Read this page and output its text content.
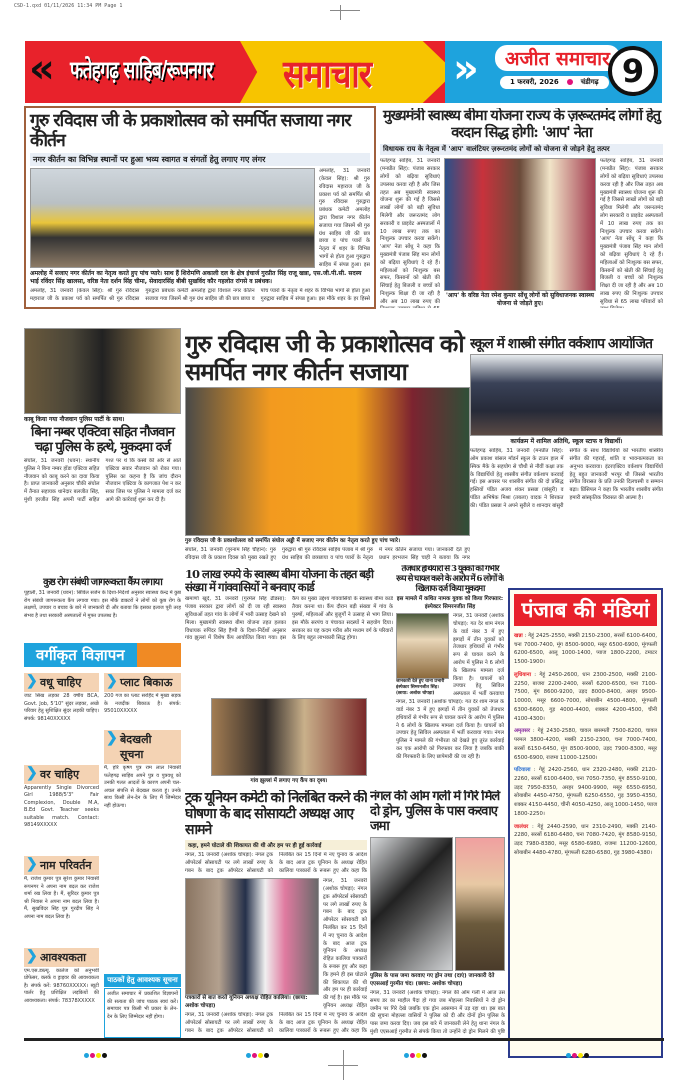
CSD-1.qxd 01/11/2026 11:34 PM Page 1
«	»
फतेहगढ़ साहिब/रूपनगर समाचार	अजीत समाचार
1 फरवरी, 2026	चंडीगढ़ 9
गुरु रविदास जी के प्रकाशोत्सव को समर्पित सजाया नगर कीर्तन
नगर कीर्तन का विभिन्न स्थानों पर हुआ भव्य स्वागत व संगतों हेतु लगाए गए लंगर
अमलोह, 31 जनवरी (केवल सिंह): श्री गुरु रविदास महाराज जी के प्रकाश पर्व को समर्पित श्री गुरु रविदास गुरुद्वारा प्रबंधक कमेटी अमलोह द्वारा विशाल नगर कीर्तन सजाया गया जिसमें श्री गुरु ग्रंथ साहिब जी की छत्र छाया व पांच प्यारों के नेतृत्व में शहर के विभिन्न भागों से होता हुआ गुरुद्वारा साहिब में संपन्न हुआ। इस
अमलोह में सजाए नगर कीर्तन का नेतृत्व करते हुए पांच प्यारे। साथ हैं शिरोमणि अकाली दल के क्षेत्र इंचार्ज गुरप्रीत सिंह राजू खन्ना, एस.जी.पी.सी. सदस्य भाई रविंदर सिंह खालसा, वरिष्ठ नेता दर्शन सिंह चीमा, सेवादारसिंह बीबी सुखविंद कौर गहलोत रांगसे व प्रबंधक।
अमलोह, 31 जनवरी (केवल सिंह): श्री गुरु रविदास महाराज जी के प्रकाश पर्व को समर्पित श्री गुरु रविदास गुरुद्वारा प्रबंधक कमेटी अमलोह द्वारा विशाल नगर कीर्तन सजाया गया जिसमें श्री गुरु ग्रंथ साहिब जी की छत्र छाया व पांच प्यारों के नेतृत्व में शहर के विभिन्न भागों से होता हुआ गुरुद्वारा साहिब में संपन्न हुआ। इस मौके शहर के हर हिस्से
मुख्यमंत्री स्वास्थ्य बीमा योजना राज्य के ज़रूरतमंद लोगों हेतु वरदान सिद्ध होगी: 'आप' नेता
विधायक राय के नेतृत्व में 'आप' वालंटियर ज़रूरतमंद लोगों को योजना से जोड़ने हेतु तत्पर
फतेहगढ़ साहिब, 31 जनवरी (मनप्रीत सिंह): पंजाब सरकार लोगों को बढ़िया सुविधाएं उपलब्ध करवा रही है और जिस तहत अब मुख्यमंत्री स्वास्थ्य योजना शुरू की गई है जिससे लाखों लोगों को बड़ी सुविधा मिलेगी और जरूरतमंद लोग सरकारी व प्राइवेट अस्पतालों में 10 लाख रुपए तक का निःशुल्क उपचार करवा सकेंगे। 'आप' नेता सोंधू ने कहा कि मुख्यमंत्री पंजाब सिंह मान लोगों को बढ़िया सुविधाएं दे रहे हैं। महिलाओं को निःशुल्क बस सफर, किसानों को खेती की सिंचाई हेतु बिजली व बच्चों को निःशुल्क शिक्षा दी जा रही है और अब 10 लाख रुपए की
'आप' के वरिष्ठ नेता रमेश कुमार सोंधू लोगों को सुविधाजनक स्वास्थ्य योजना से जोड़ते हुए।
फतेहगढ़ साहिब, 31 जनवरी (मनप्रीत सिंह): पंजाब सरकार लोगों को बढ़िया सुविधाएं उपलब्ध करवा रही है और जिस तहत अब मुख्यमंत्री स्वास्थ्य योजना शुरू की गई है जिससे लाखों लोगों को बड़ी सुविधा मिलेगी और जरूरतमंद लोग सरकारी व प्राइवेट अस्पतालों में 10 लाख रुपए तक का निःशुल्क उपचार करवा सकेंगे। 'आप' नेता सोंधू ने कहा कि मुख्यमंत्री पंजाब सिंह मान लोगों को बढ़िया सुविधाएं दे रहे हैं। महिलाओं को निःशुल्क बस सफर, किसानों को खेती की सिंचाई हेतु बिजली व बच्चों को निःशुल्क शिक्षा दी जा रही है और अब 10 लाख रुपए की निःशुल्क उपचार सुविधा से 65 लाख परिवारों को
काबू किया गया नौजवान पुलिस पार्टी के साथ।
बिना नम्बर एक्टिवा सहित नौजवान चढ़ा पुलिस के हत्थे, मुकदमा दर्ज
संघोल, 31 जनवरी (धवन): स्थानीय पुलिस ने बिना नम्बर होंडा एक्टिवा सहित नौजवान को काबू करने का दावा किया है। प्राप्त जानकारी अनुसार चौकी संघोल में तैनात सहायक थानेदार बलजीत सिंह, मुंशी हरजीत सिंह अपनी पार्टी सहित गश्त पर थे कि कस्बे की ओर से आते एक्टिवा सवार नौजवान को रोका गया। पुलिस का कहना है कि जांच दौरान नौजवान एक्टिवा के कागजात पेश न कर सका जिस पर पुलिस ने मामला दर्ज कर आगे की कार्रवाई शुरू कर दी है।
कुष्ठ रोग संबंधी जागरूकता कैंप लगाया
पूहाली, 31 जनवरी (धवन): सिविल सर्जन के दिशा-निर्देशों अनुसार स्वास्थ्य केन्द्र में कुष्ठ रोग संबंधी जागरूकता कैंप लगाया गया। इस मौके डाक्टरों ने लोगों को कुष्ठ रोग के लक्षणों, उपचार व बचाव के बारे में जानकारी दी और बताया कि इसका इलाज पूरी तरह संभव है तथा सरकारी अस्पतालों में मुफ्त उपलब्ध है।
गुरु रविदास जी के प्रकाशोत्सव को समर्पित नगर कीर्तन सजाया
गुरु रविदास जी के प्रकाशोत्सव को समर्पित संघोल अड्डी में सजाए नगर कीर्तन का नेतृत्व करते हुए पांच प्यारे।
संघोल, 31 जनवरी (गुरनाम सिंह चौहान): गुरु रविदास जी के प्रकाश दिवस को मुख्य रखते हुए गुरुद्वारा श्री गुरु रविदास साहिब पंजाब में श्री गुरु ग्रंथ साहिब की छत्रछाया व पांच प्यारों के नेतृत्व में नगर कीर्तन सजाया गया। जानकारी देते हुए प्रधान हरभजन सिंह चाही ने बताया कि नगर
स्कूल में शास्त्री संगीत वर्कशाप आयोजित
कार्यक्रम में शामिल अतिथि, स्कूल स्टाफ व विद्यार्थी।
फतेहगढ़ साहिब, 31 जनवरी (मनप्रीत सिंह): ओम प्रकाश बांसल मॉडर्न स्कूल के टाउन हाल में स्पिक मैके के सहयोग से चौथी से नौवीं कक्षा तक के विद्यार्थियों हेतु शास्त्रीय संगीत वर्कशाप करवाई गई। इस अवसर पर शास्त्रीय संगीत की दो प्रसिद्ध हस्तियों पंडित अजय शंकर प्रसन्ना (बांसुरी) व पंडित अभिषेक मिश्रा (तबला) वादक ने शिरकत की। पंडित प्रसन्ना ने अपने सुरीले व शानदार बांसुरी संगीत के साथ विद्यार्थियों को भारतीय शास्त्रीय संगीत की गहराई, शांति व भावनात्मकता का अनुभव करवाया। इंटरएक्टिव वर्कशाप विद्यार्थियों हेतु बहुत जानकारी भरपूर थी जिससे भारतीय संगीत विरासत के प्रति उनकी दिलचस्पी व सम्मान बढ़ा। प्रिंसिपल ने कहा कि भारतीय शास्त्रीय संगीत हमारी सांस्कृतिक विरासत की आत्मा है।
10 लाख रुपये के स्वास्थ्य बीमा योजना के तहत बड़ी संख्या में गांववासियों ने बनवाए कार्ड
खमाणों खुर्द, 31 जनवरी (गुरमेल सिंह ढीडसा): पंजाब सरकार द्वारा लोगों को दी जा रही स्वास्थ्य सुविधाओं तहत गांव के लोगों में भारी उत्साह देखने को मिला। मुख्यमंत्री स्वास्थ्य बीमा योजना तहत हलका विधायक रुपिंदर सिंह हैप्पी के दिशा-निर्देशों अनुसार गांव झुल्लां में विशेष कैंप आयोजित किया गया। इस कैंप का मुख्य उद्देश्य गांववासियों के स्वास्थ्य बीमा कार्ड तैयार करना था। कैंप दौरान बड़ी संख्या में गांव के पुरुषों, महिलाओं और बुजुर्गों ने उत्साह से भाग लिया। इस मौके सरपंच व पंचायत सदस्यों ने सहयोग दिया। सरकार का यह कदम गरीब और मध्यम वर्ग के परिवारों के लिए बहुत लाभकारी सिद्ध होगा।
गांव झुल्लां में लगाए गए कैंप का दृश्य।
तेजधार हथियारों से 3 युवकों को गंभीर रूप से घायल करने के आरोप में 6 लोगों के खिलाफ दर्ज किया मुकदमा
इस मामले में कथित नामक युवक को किया गिरफ्तार: इंस्पेक्टर सिमरनजीत सिंह
जानकारी देते हुए थाना प्रभारी इंस्पेक्टर सिमरनजीत सिंह। (छाया: अशोक चोपड़ा)
नंगल, 31 जनवरी (अशोक चोपड़ा): गत देर शाम नंगल के वार्ड नंबर 3 में हुए झगड़ों में तीन युवकों को तेजधार हथियारों से गंभीर रूप से घायल करने के आरोप में पुलिस ने 6 लोगों के खिलाफ मामला दर्ज किया है। घायलों को उपचार हेतु सिविल अस्पताल में भर्ती करवाया
नंगल, 31 जनवरी (अशोक चोपड़ा): गत देर शाम नंगल के वार्ड नंबर 3 में हुए झगड़ों में तीन युवकों को तेजधार हथियारों से गंभीर रूप से घायल करने के आरोप में पुलिस ने 6 लोगों के खिलाफ मामला दर्ज किया है। घायलों को उपचार हेतु सिविल अस्पताल में भर्ती करवाया गया। नंगल पुलिस ने मामले की गंभीरता को देखते हुए तुरंत कार्रवाई कर एक आरोपी को गिरफ्तार कर लिया है जबकि बाकी की गिरफ्तारी के लिए छापेमारी की जा रही है।
वर्गीकृत विज्ञापन
❯ वधू चाहिए
जाट सिख लड़का 28 वर्षीय BCA, Govt. Job, 5'10" सुंदर लड़का, अच्छे परिवार हेतु सुशिक्षित सुंदर लड़की चाहिए। संपर्क: 98140XXXXX
❯ वर चाहिए
Apparently Single Divorced Girl 1988/5'3" Fair Complexion, Double M.A, B.Ed Govt. Teacher seeks suitable match. Contact: 98149XXXXX
❯ नाम परिवर्तन
मैं, राजेश कुमार पुत्र सुरेश कुमार निवासी रूपनगर ने अपना नाम बदल कर राजेश शर्मा रख लिया है। मैं, सुरिंदर कुमार पुत्र श्री निवास ने अपना नाम बदल लिया है। मैं, सुखविंदर सिंह पुत्र गुरदीप सिंह ने अपना नाम बदल लिया है।
❯ आवश्यकता
एम.एस.डब्ल्यू. कालेज को अनुभवी प्रोफेसर, क्लर्क व ड्राइवर की आवश्यकता है। संपर्क करें: 98760XXXXX। ब्यूटी पार्लर हेतु प्रशिक्षित लड़कियों की आवश्यकता। संपर्क: 78378XXXXX
❯ प्लाट बिकाऊ
200 गज का प्लाट सरहिंद में मुख्य सड़क के नजदीक बिकाऊ है। संपर्क: 95010XXXXX
❯ बेदखली सूचना
मैं, हरि कृष्ण पुत्र राम लाल निवासी फतेहगढ़ साहिब अपने पुत्र व पुत्रवधू को उनकी गलत आदतों के कारण अपनी चल-अचल संपत्ति से बेदखल करता हूं। उनके साथ किसी लेन-देन के लिए मैं जिम्मेदार नहीं होऊंगा।
पाठकों हेतु आवश्यक सूचना
अजीत समाचार में प्रकाशित विज्ञापनों की सत्यता की जांच पाठक स्वयं करें। समाचार पत्र किसी भी प्रकार के लेन-देन के लिए जिम्मेदार नहीं होगा।
पंजाब की मंडियां

खन्ना : गेहूं 2425-2550, मक्की 2150-2300, सरसों 6100-6400, चना 7000-7400, मूंग 8500-9000, मसूर 6500-6900, मूंगफली 6200-6500, आलू 1000-1400, प्याज 1800-2200, टमाटर 1500-1900।

लुधियाना : गेहूं 2450-2600, धान 2300-2500, मक्की 2100-2250, बाजरा 2200-2400, सरसों 6200-6500, चना 7100-7500, मूंग 8600-9200, उड़द 8000-8400, अरहर 9500-10000, मसूर 6600-7000, सोयाबीन 4500-4800, मूंगफली 6300-6600, गुड़ 4000-4400, शक्कर 4200-4500, चीनी 4100-4300।

अमृतसर : गेहूं 2430-2580, चावल बासमती 7500-8200, चावल परमल 3800-4200, मक्की 2150-2300, चना 7000-7400, सरसों 6150-6450, मूंग 8500-9000, उड़द 7900-8300, मसूर 6500-6900, राजमा 11000-12500।

पटियाला : गेहूं 2420-2560, धान 2320-2480, मक्की 2120-2260, सरसों 6100-6400, चना 7050-7350, मूंग 8550-9100, उड़द 7950-8350, अरहर 9400-9900, मसूर 6550-6950, सोयाबीन 4450-4750, मूंगफली 6250-6550, गुड़ 3950-4350, शक्कर 4150-4450, चीनी 4050-4250, आलू 1000-1450, प्याज 1800-2250।

जालंधर : गेहूं 2440-2590, धान 2310-2490, मक्की 2140-2280, सरसों 6180-6480, चना 7080-7420, मूंग 8580-9150, उड़द 7980-8380, मसूर 6580-6980, राजमा 11200-12600, सोयाबीन 4480-4780, मूंगफली 6280-6580, गुड़ 3980-4380।

ट्रक यूनियन कमेटी को निलंबित करने की घोषणा के बाद सोसायटी अध्यक्ष आए सामने
कहा, हमने घोटाले की शिकायत की थी और हम पर ही हुई कार्रवाई
नंगल, 31 जनवरी (अशोक चोपड़ा): नंगल ट्रक ऑपरेटर्स सोसायटी पर लगे लाखों रुपए के गबन के बाद ट्रक ऑपरेटर सोसायटी को निलंबित कर 15 दिनों में नए चुनाव के आदेश के बाद आज ट्रक यूनियन के अध्यक्ष रोहित कालिया पत्रकारों के रूबरू हुए और कहा कि
पत्रकारों से बात करते यूनियन अध्यक्ष रोहित कालिया। (छाया: अशोक चोपड़ा)
नंगल, 31 जनवरी (अशोक चोपड़ा): नंगल ट्रक ऑपरेटर्स सोसायटी पर लगे लाखों रुपए के गबन के बाद ट्रक ऑपरेटर सोसायटी को निलंबित कर 15 दिनों में नए चुनाव के आदेश के बाद आज ट्रक यूनियन के अध्यक्ष रोहित कालिया पत्रकारों के रूबरू हुए और कहा कि हमने ही इस घोटाले की शिकायत की थी और हम पर ही कार्रवाई की गई है। इस मौके पर यूनियन अध्यक्ष रोहित
नंगल, 31 जनवरी (अशोक चोपड़ा): नंगल ट्रक ऑपरेटर्स सोसायटी पर लगे लाखों रुपए के गबन के बाद ट्रक ऑपरेटर सोसायटी को निलंबित कर 15 दिनों में नए चुनाव के आदेश के बाद आज ट्रक यूनियन के अध्यक्ष रोहित कालिया पत्रकारों के रूबरू हुए और कहा कि
नंगल की ओम गली में गिरे मिले दो ड्रोन, पुलिस के पास करवाए जमा
पुलिस के पास जमा करवाए गए ड्रोन तथा (दाएं) जानकारी देते एएसआई गुरमीत चंद। (छाया: अशोक चोपड़ा)
नंगल, 31 जनवरी (अशोक चोपड़ा): नंगल की ओम गली में आज उस समय डर का माहौल पैदा हो गया जब मोहल्ला निवासियों ने दो ड्रोन जमीन पर गिरे देखे जबकि एक ड्रोन आसमान में उड़ रहा था। इस बात की सूचना मोहल्ला वासियों ने पुलिस को दी और दोनों ड्रोन पुलिस के पास जमा करवा दिए। जब इस बारे में जानकारी लेने हेतु थाना नंगल के मुंशी एएसआई गुरमीत से संपर्क किया तो उन्होंने दो ड्रोन मिलने की पुष्टि
